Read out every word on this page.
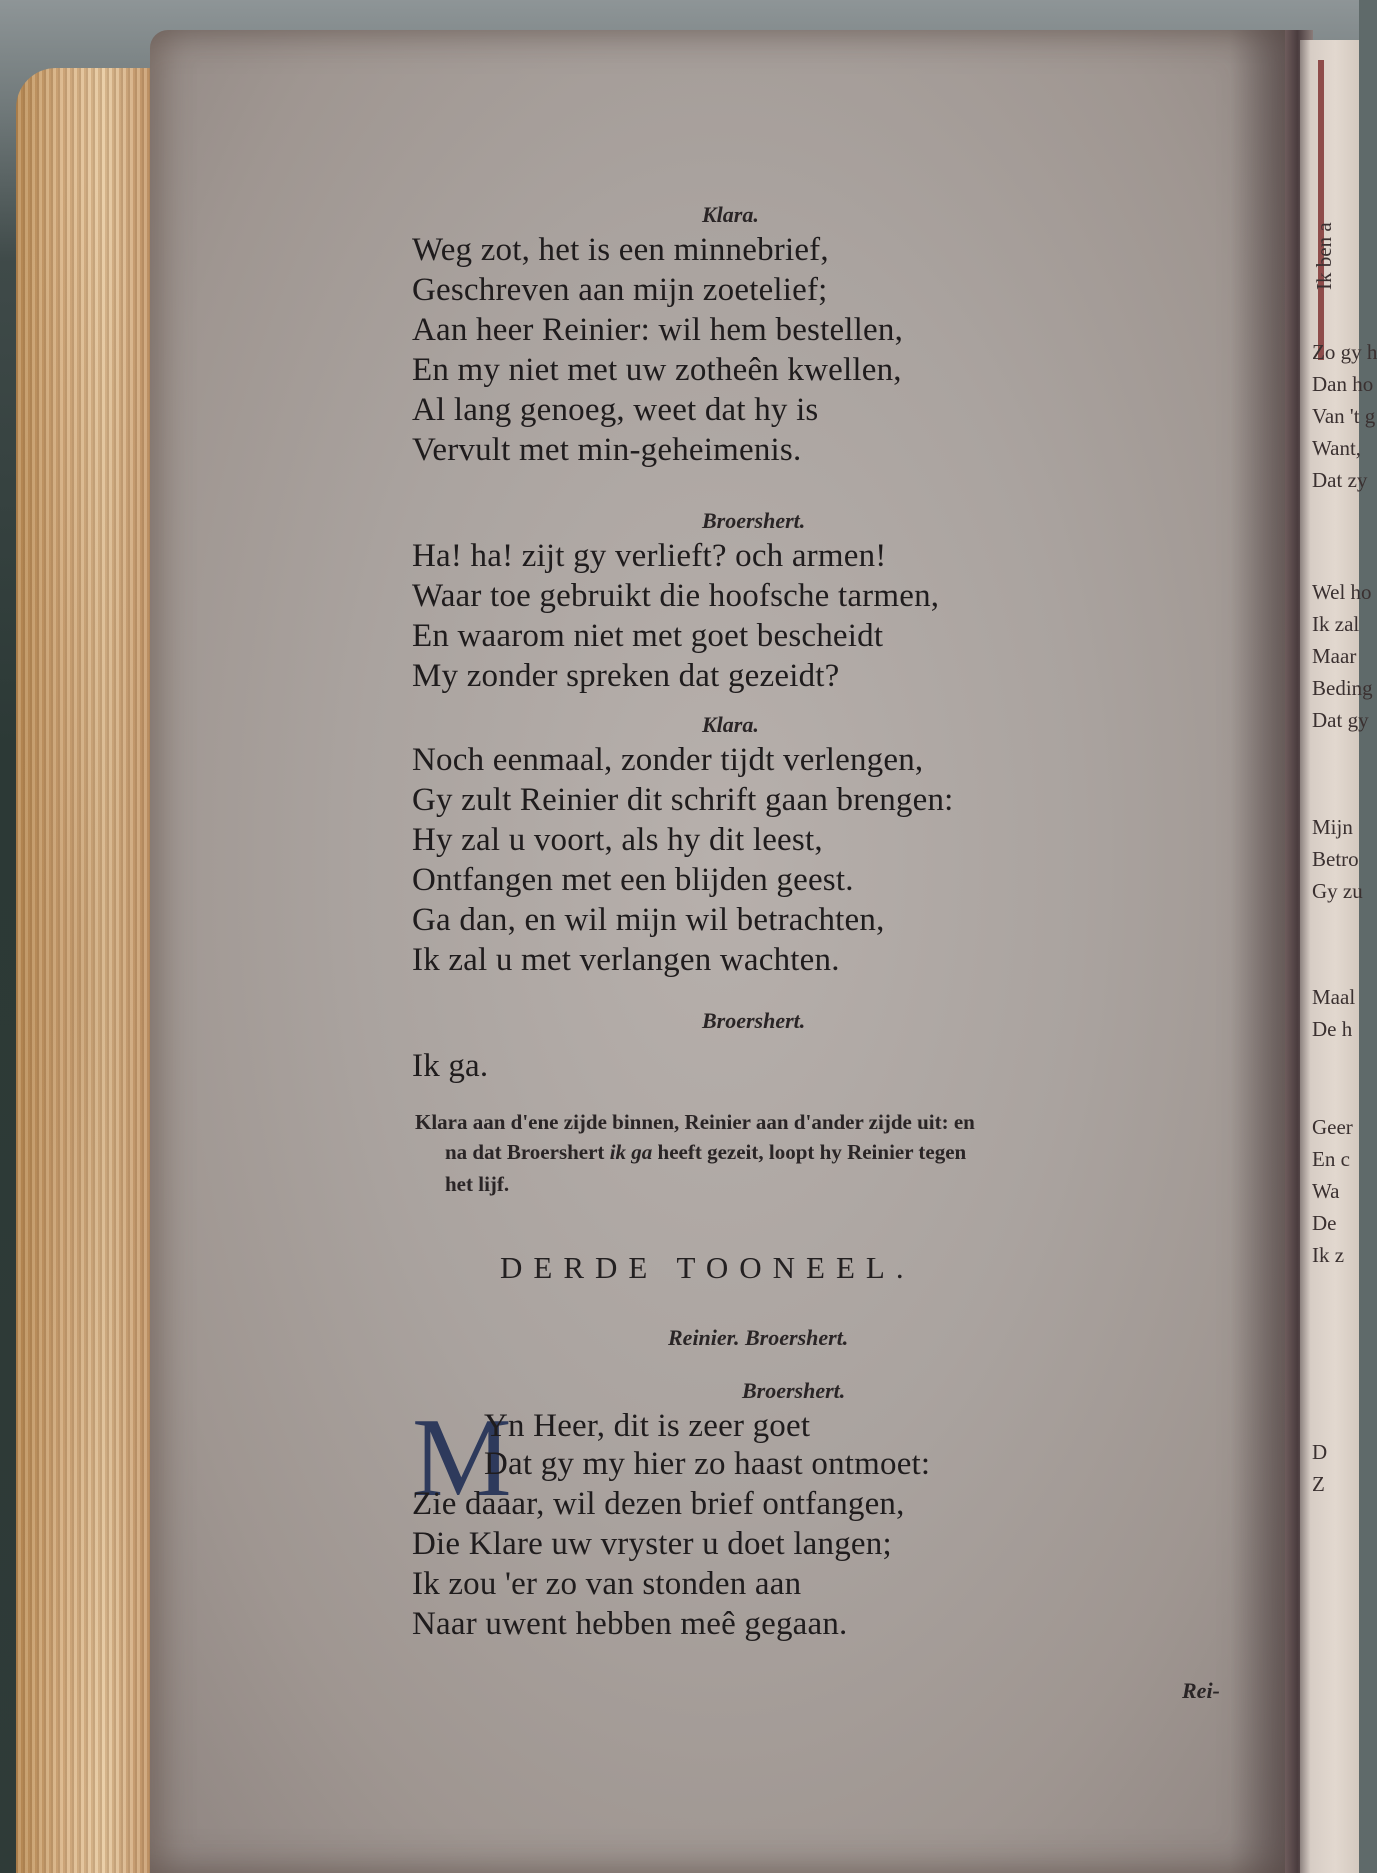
Ik ben a
Zo gy h
Dan ho
Van 't g
Want,
Dat zy
Wel ho
Ik zal
Maar
Beding
Dat gy
Mijn
Betro
Gy zu
Maal
De h
Geer
En c
Wa
De
Ik z
D
Z
Klara.
Weg zot, het is een minnebrief,
Geschreven aan mijn zoetelief;
Aan heer Reinier: wil hem bestellen,
En my niet met uw zotheên kwellen,
Al lang genoeg, weet dat hy is
Vervult met min-geheimenis.
Broershert.
Ha! ha! zijt gy verlieft? och armen!
Waar toe gebruikt die hoofsche tarmen,
En waarom niet met goet bescheidt
My zonder spreken dat gezeidt?
Klara.
Noch eenmaal, zonder tijdt verlengen,
Gy zult Reinier dit schrift gaan brengen:
Hy zal u voort, als hy dit leest,
Ontfangen met een blijden geest.
Ga dan, en wil mijn wil betrachten,
Ik zal u met verlangen wachten.
Broershert.
Ik ga.
Klara aan d'ene zijde binnen, Reinier aan d'ander zijde uit: en
na dat Broershert ik ga heeft gezeit, loopt hy Reinier tegen
het lijf.
DERDE TOONEEL.
Reinier. Broershert.
Broershert.
M
Yn Heer, dit is zeer goet
Dat gy my hier zo haast ontmoet:
Zie daaar, wil dezen brief ontfangen,
Die Klare uw vryster u doet langen;
Ik zou 'er zo van stonden aan
Naar uwent hebben meê gegaan.
Rei-
